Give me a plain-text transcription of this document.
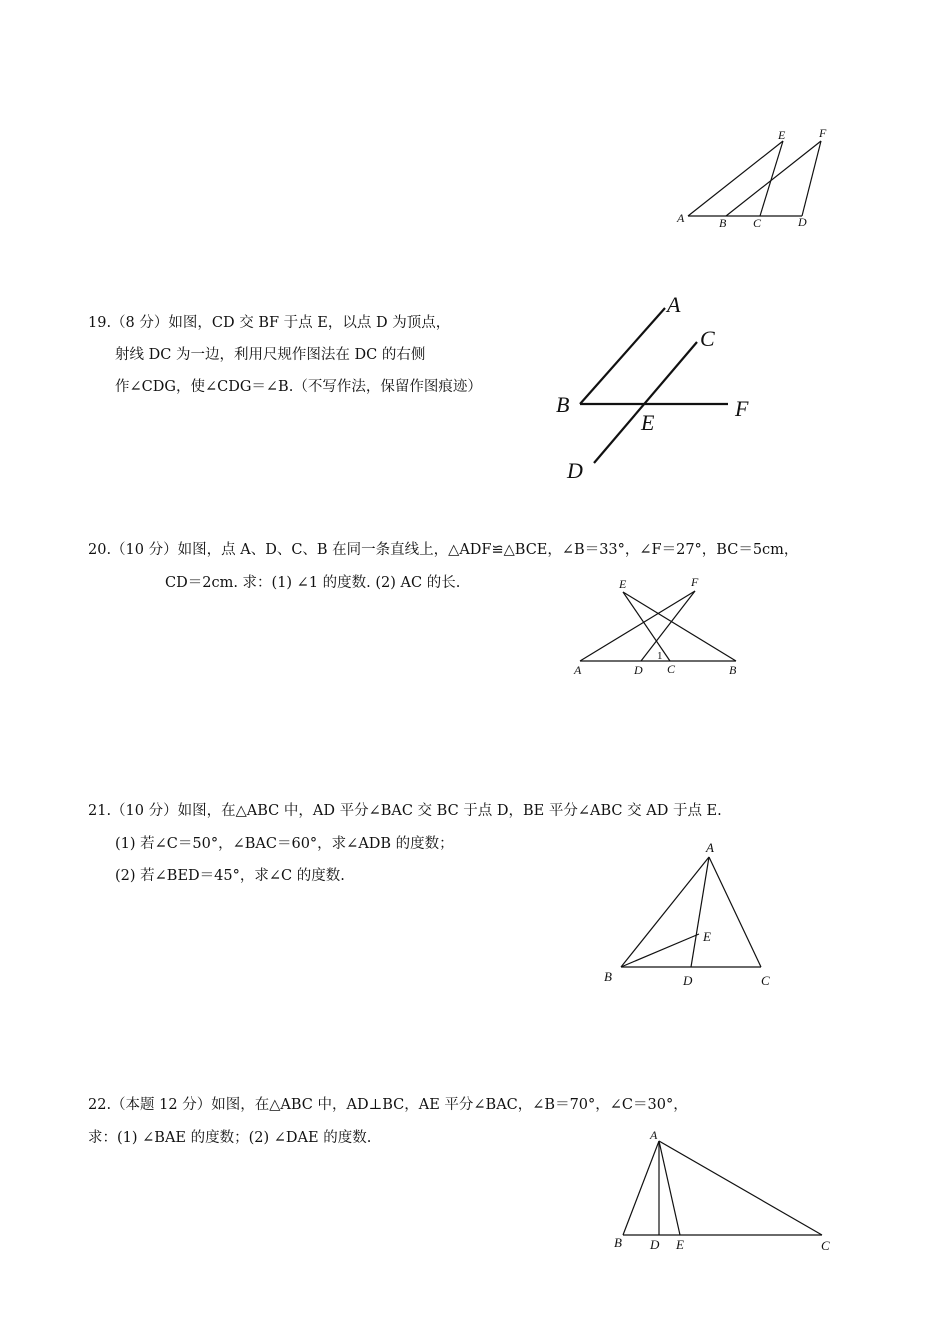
A	B C	D
E	F
19.（8 分）如图，CD 交 BF 于点 E，以点 D 为顶点，
射线 DC 为一边，利用尺规作图法在 DC 的右侧
作∠CDG，使∠CDG＝∠B.（不写作法，保留作图痕迹）
A
B
C
D
E
F
20.（10 分）如图，点 A、D、C、B 在同一条直线上，△ADF≌△BCE，∠B＝33°，∠F＝27°，BC＝5cm，
CD＝2cm. 求：(1) ∠1 的度数. (2) AC 的长.
A	D C	B
E	F
1
21.（10 分）如图，在△ABC 中，AD 平分∠BAC 交 BC 于点 D，BE 平分∠ABC 交 AD 于点 E.
(1) 若∠C＝50°，∠BAC＝60°，求∠ADB 的度数；
(2) 若∠BED＝45°，求∠C 的度数.
A
B	D	C
E
22.（本题 12 分）如图，在△ABC 中，AD⊥BC，AE 平分∠BAC，∠B＝70°，∠C＝30°，
求：(1) ∠BAE 的度数；(2) ∠DAE 的度数.	A
B D E	C
